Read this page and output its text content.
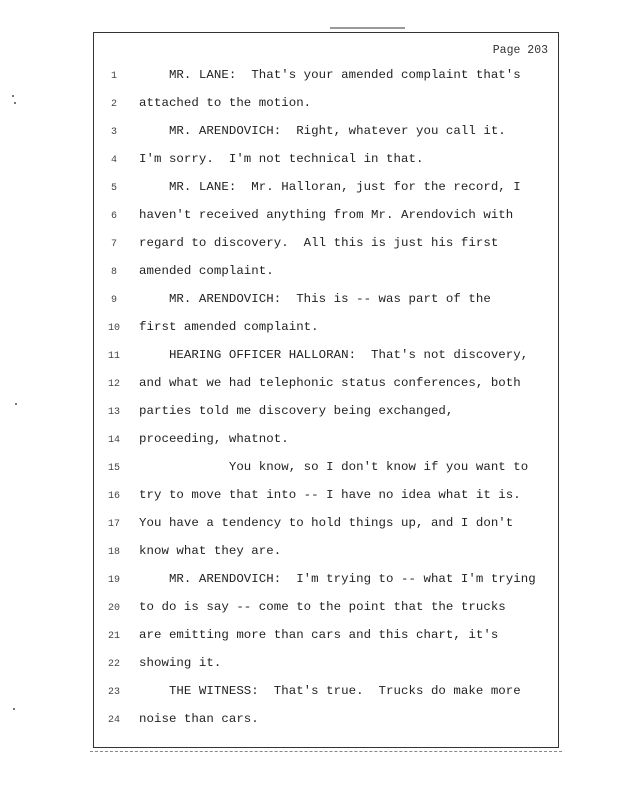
Page 203
1	MR. LANE:  That's your amended complaint that's
2	attached to the motion.
3	MR. ARENDOVICH:  Right, whatever you call it.
4	I'm sorry.  I'm not technical in that.
5	MR. LANE:  Mr. Halloran, just for the record, I
6	haven't received anything from Mr. Arendovich with
7	regard to discovery.  All this is just his first
8	amended complaint.
9	MR. ARENDOVICH:  This is -- was part of the
10	first amended complaint.
11	HEARING OFFICER HALLORAN:  That's not discovery,
12	and what we had telephonic status conferences, both
13	parties told me discovery being exchanged,
14	proceeding, whatnot.
15	You know, so I don't know if you want to
16	try to move that into -- I have no idea what it is.
17	You have a tendency to hold things up, and I don't
18	know what they are.
19	MR. ARENDOVICH:  I'm trying to -- what I'm trying
20	to do is say -- come to the point that the trucks
21	are emitting more than cars and this chart, it's
22	showing it.
23	THE WITNESS:  That's true.  Trucks do make more
24	noise than cars.
